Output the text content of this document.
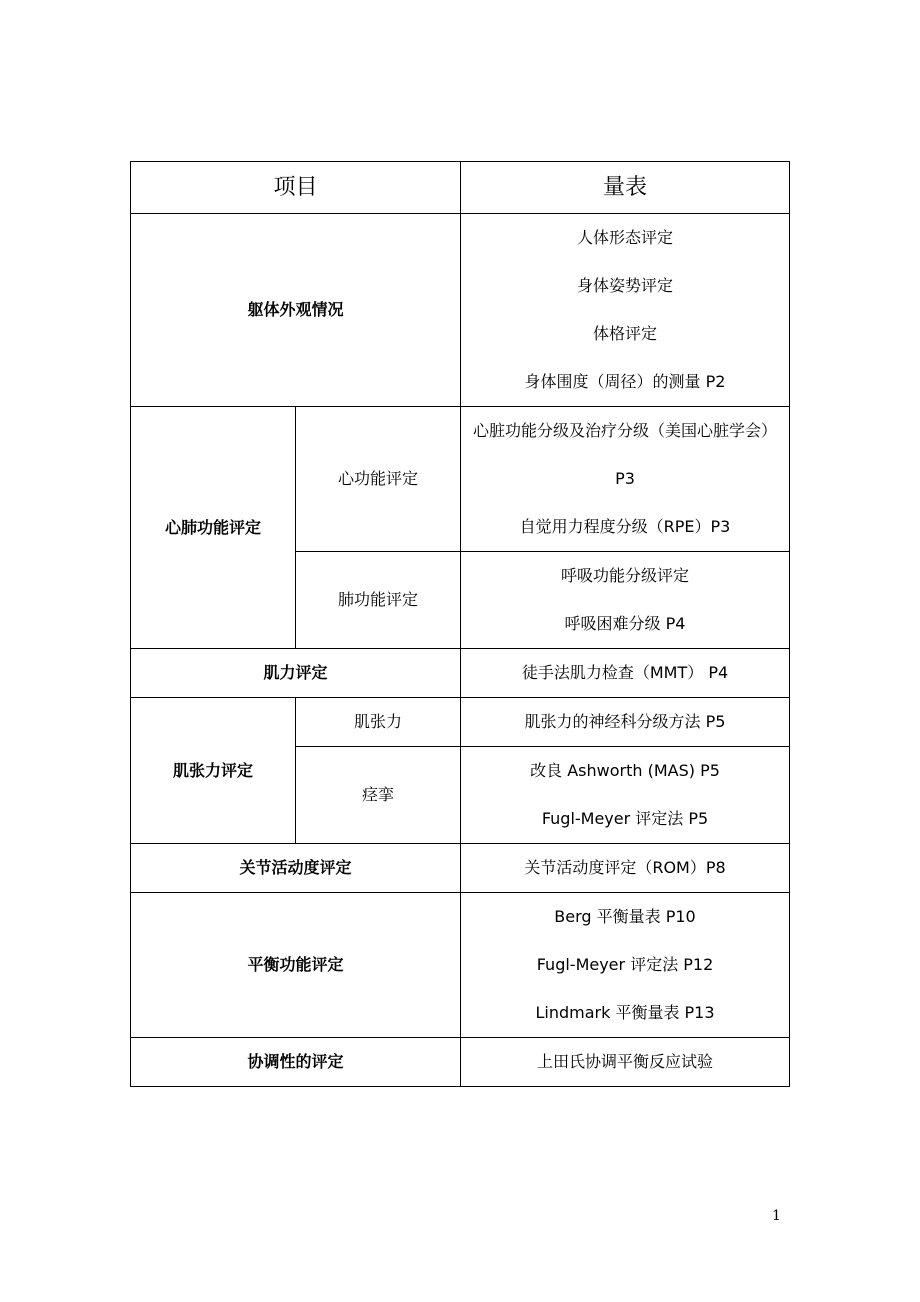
项目		量表
躯体外观情况		人体形态评定
身体姿势评定
体格评定
身体围度（周径）的测量 P2

心肺功能评定	心功能评定	心脏功能分级及治疗分级（美国心脏学会）
P3
自觉用力程度分级（RPE）P3

	肺功能评定	呼吸功能分级评定
呼吸困难分级 P4

肌力评定		徒手法肌力检查（MMT） P4

肌张力评定	肌张力	肌张力的神经科分级方法 P5

	痉挛	改良 Ashworth (MAS) P5
Fugl-Meyer 评定法 P5

关节活动度评定		关节活动度评定（ROM）P8

平衡功能评定		Berg 平衡量表 P10
Fugl-Meyer 评定法 P12
Lindmark 平衡量表 P13

协调性的评定		上田氏协调平衡反应试验
1
